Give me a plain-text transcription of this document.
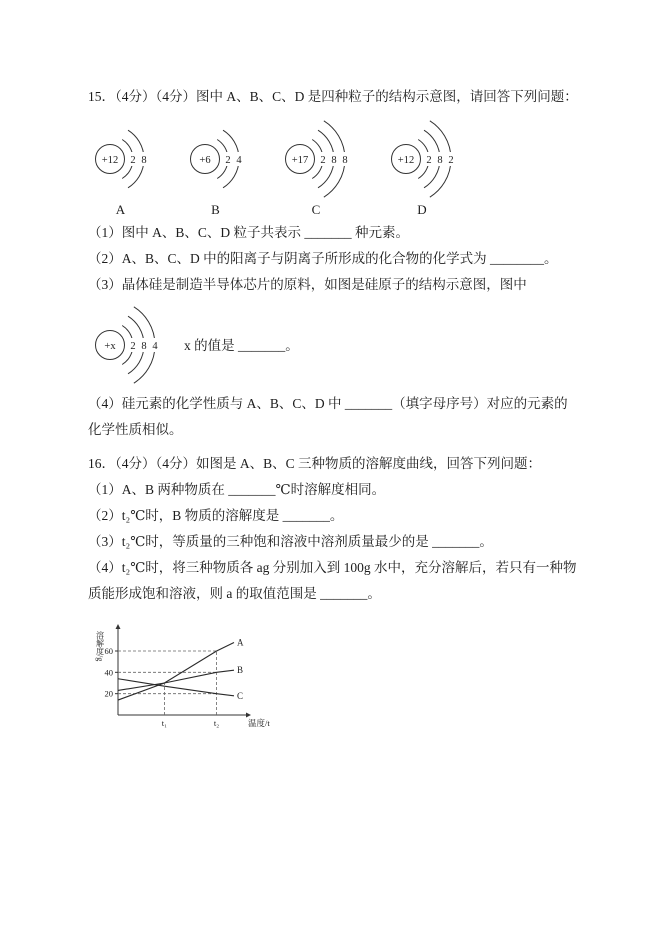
15．（4分）（4分）图中 A、B、C、D 是四种粒子的结构示意图，请回答下列问题：

+12 2 8
A
+6 2 4
B
+17 2 8 8
C
+12 2 8 2
D

（1）图中 A、B、C、D 粒子共表示 _______ 种元素。

（2）A、B、C、D 中的阳离子与阴离子所形成的化合物的化学式为 ________。

（3）晶体硅是制造半导体芯片的原料，如图是硅原子的结构示意图，图中

+x 2 8 4 x 的值是 _______。

（4）硅元素的化学性质与 A、B、C、D 中 _______（填字母序号）对应的元素的化学性质相似。

16．（4分）（4分）如图是 A、B、C 三种物质的溶解度曲线，回答下列问题：

（1）A、B 两种物质在 _______℃时溶解度相同。

（2）t₂℃时，B 物质的溶解度是 _______。

（3）t₂℃时，等质量的三种饱和溶液中溶剂质量最少的是 _______。

（4）t₂℃时，将三种物质各 ag 分别加入到 100g 水中，充分溶解后，若只有一种物质能形成饱和溶液，则 a 的取值范围是 _______。

溶解度/g
温度/t
20
40
60
t₁	t₂
A
B
C
